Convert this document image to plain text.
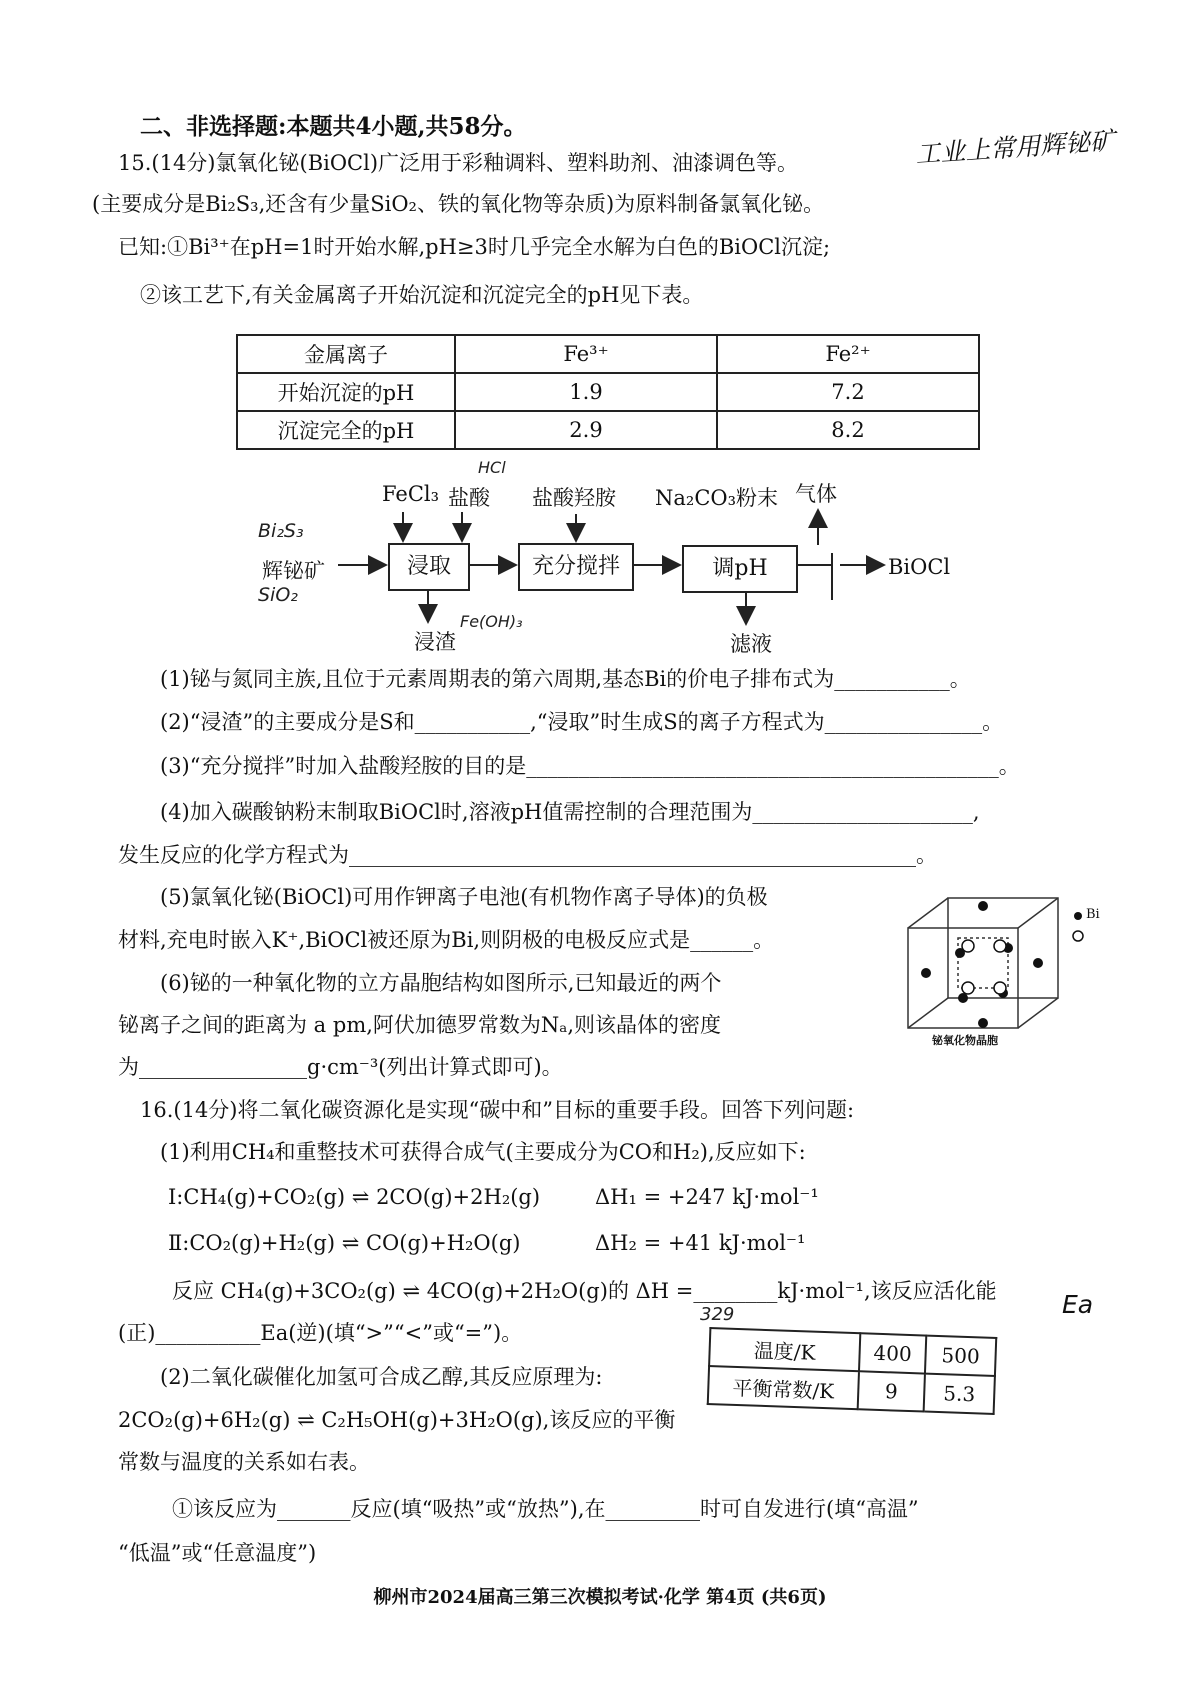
二、非选择题:本题共4小题,共58分。
15.(14分)氯氧化铋(BiOCl)广泛用于彩釉调料、塑料助剂、油漆调色等。	工业上常用辉铋矿
(主要成分是Bi₂S₃,还含有少量SiO₂、铁的氧化物等杂质)为原料制备氯氧化铋。
已知:①Bi³⁺在pH=1时开始水解,pH≥3时几乎完全水解为白色的BiOCl沉淀;
②该工艺下,有关金属离子开始沉淀和沉淀完全的pH见下表。
金属离子	Fe³⁺	Fe²⁺
开始沉淀的pH	1.9	7.2
沉淀完全的pH	2.9	8.2
FeCl₃ 盐酸
HCl
盐酸羟胺 Na₂CO₃粉末 气体
Bi₂S₃
辉铋矿
SiO₂
浸取	充分搅拌	调pH	BiOCl
浸渣
Fe(OH)₃
滤液
(1)铋与氮同主族,且位于元素周期表的第六周期,基态Bi的价电子排布式为___________。
(2)“浸渣”的主要成分是S和___________,“浸取”时生成S的离子方程式为_______________。
(3)“充分搅拌”时加入盐酸羟胺的目的是_____________________________________________。
(4)加入碳酸钠粉末制取BiOCl时,溶液pH值需控制的合理范围为_____________________,
发生反应的化学方程式为______________________________________________________。
(5)氯氧化铋(BiOCl)可用作钾离子电池(有机物作离子导体)的负极
材料,充电时嵌入K⁺,BiOCl被还原为Bi,则阴极的电极反应式是______。
(6)铋的一种氧化物的立方晶胞结构如图所示,已知最近的两个
铋离子之间的距离为 a pm,阿伏加德罗常数为Nₐ,则该晶体的密度
为________________g·cm⁻³(列出计算式即可)。
Bi
铋氧化物晶胞
16.(14分)将二氧化碳资源化是实现“碳中和”目标的重要手段。回答下列问题:
(1)利用CH₄和重整技术可获得合成气(主要成分为CO和H₂),反应如下:
Ⅰ:CH₄(g)+CO₂(g) ⇌ 2CO(g)+2H₂(g)	ΔH₁ = +247 kJ·mol⁻¹
Ⅱ:CO₂(g)+H₂(g) ⇌ CO(g)+H₂O(g)	ΔH₂ = +41 kJ·mol⁻¹
反应 CH₄(g)+3CO₂(g) ⇌ 4CO(g)+2H₂O(g)的 ΔH =________kJ·mol⁻¹,该反应活化能	Ea
329
(正)__________Ea(逆)(填“>”“<”或“=”)。
(2)二氧化碳催化加氢可合成乙醇,其反应原理为:
2CO₂(g)+6H₂(g) ⇌ C₂H₅OH(g)+3H₂O(g),该反应的平衡
常数与温度的关系如右表。
温度/K	400	500
平衡常数/K	9	5.3
①该反应为_______反应(填“吸热”或“放热”),在_________时可自发进行(填“高温”
“低温”或“任意温度”)
柳州市2024届高三第三次模拟考试·化学 第4页 (共6页)
